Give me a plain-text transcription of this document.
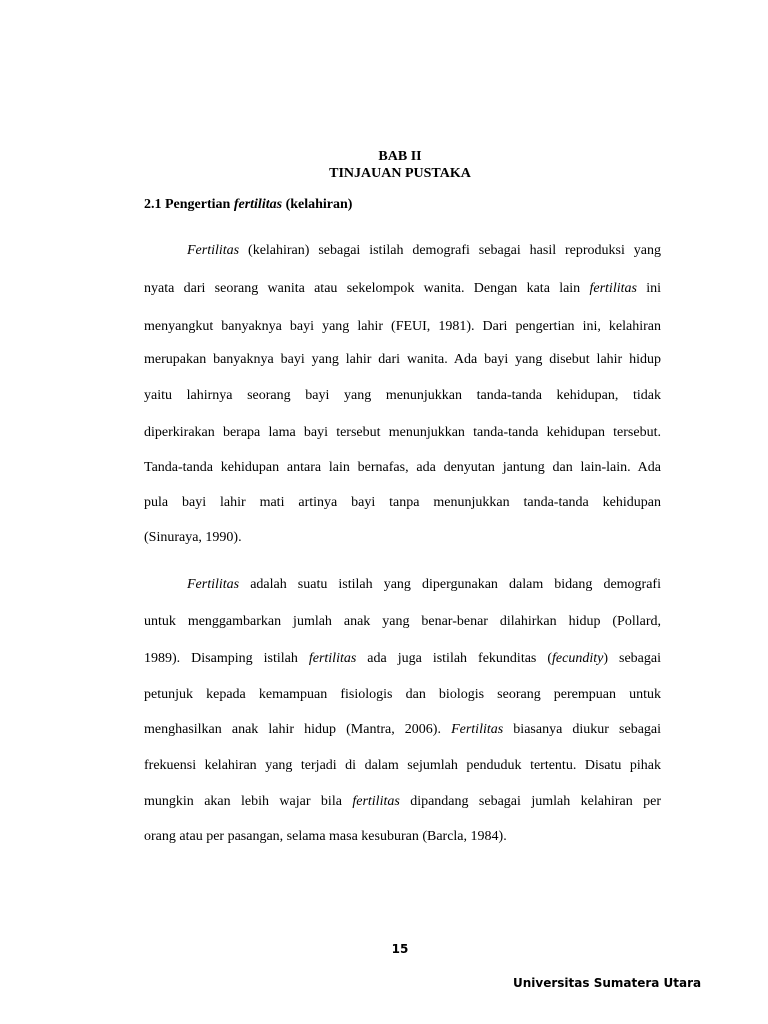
BAB II
TINJAUAN PUSTAKA
2.1 Pengertian fertilitas (kelahiran)
Fertilitas (kelahiran) sebagai istilah demografi sebagai hasil reproduksi yang
nyata dari seorang wanita atau sekelompok wanita. Dengan kata lain fertilitas ini
menyangkut banyaknya bayi yang lahir (FEUI, 1981). Dari pengertian ini, kelahiran
merupakan banyaknya bayi yang lahir dari wanita. Ada bayi yang disebut lahir hidup
yaitu lahirnya seorang bayi yang menunjukkan tanda-tanda kehidupan, tidak
diperkirakan berapa lama bayi tersebut menunjukkan tanda-tanda kehidupan tersebut.
Tanda-tanda kehidupan antara lain bernafas, ada denyutan jantung dan lain-lain. Ada
pula bayi lahir mati artinya bayi tanpa menunjukkan tanda-tanda kehidupan
(Sinuraya, 1990).
Fertilitas adalah suatu istilah yang dipergunakan dalam bidang demografi
untuk menggambarkan jumlah anak yang benar-benar dilahirkan hidup (Pollard,
1989). Disamping istilah fertilitas ada juga istilah fekunditas (fecundity) sebagai
petunjuk kepada kemampuan fisiologis dan biologis seorang perempuan untuk
menghasilkan anak lahir hidup (Mantra, 2006). Fertilitas biasanya diukur sebagai
frekuensi kelahiran yang terjadi di dalam sejumlah penduduk tertentu. Disatu pihak
mungkin akan lebih wajar bila fertilitas dipandang sebagai jumlah kelahiran per
orang atau per pasangan, selama masa kesuburan (Barcla, 1984).
15
Universitas Sumatera Utara
